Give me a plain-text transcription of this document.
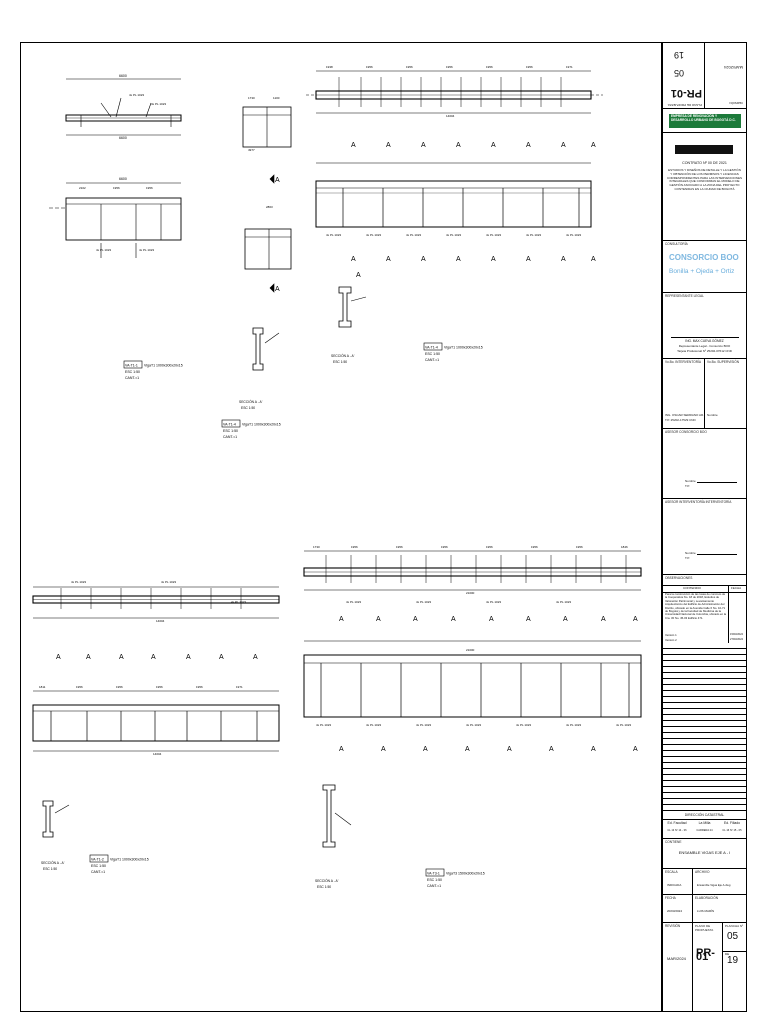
6600
4x PL 1023
4x PL 1023
6600
6600
2102	1956	1956
4x PL 1023	4x PL 1023
1730	1100
4977
A
2863
A
SECCIÓN A - A'
ESC 1:50
1938	1956	1956	1956	1956	1956	1971
14004
A	A	A	A	A	A	A	A
4x PL 1023	4x PL 1023	4x PL 1023	4x PL 1023	4x PL 1023	4x PL 1023	4x PL 1023
A	A	A	A	A	A	A	A
A
SECCIÓN A - A'
ESC 1:50
VA-T1-1 VigaT1 1000x300x20x15
ESC 1:50
CANT.=1
VA-T1-4 VigaT1 1000x300x20x15
ESC 1:50
CANT.=1
VA-T1-4 VigaT1 1000x300x20x15
ESC 1:50
CANT.=1
14004
4x PL 1023	4x PL 1023
4x PL 1023
A	A	A	A	A	A	A
1811	1956	1956	1956	1956	1971
14004
SECCIÓN A - A'
ESC 1:50
1730	1956	1956	1956	1956	1956	1956	1846
21000
4x PL 1023	4x PL 1023	4x PL 1023	4x PL 1023
A	A	A	A	A	A	A	A	A
21000
4x PL 1023	4x PL 1023	4x PL 1023	4x PL 1023	4x PL 1023	4x PL 1023	4x PL 1023
A	A	A	A	A	A	A	A
SECCIÓN A - A'
ESC 1:50
VA-T1-2 VigaT1 1000x300x20x15
ESC 1:50
CANT.=1	VA-T3-1 VigaT3 1500x300x20x15
ESC 1:50
CANT.=1
VERSIÓN
MAR/2024
PLANO DE PROPUESTA
PR-01
05
19
EMPRESA DE RENOVACIÓN Y DESARROLLO URBANO DE BOGOTÁ D.C.
CONTRATO Nº 00 DE 2021
ESTUDIOS Y DISEÑOS DE DETALLE Y LA GESTIÓN Y OBTENCIÓN DE LOS PERMISOS Y LICENCIAS CORRESPONDIENTES PARA LAS INTERVENCIONES INTEGRALES QUE CONFORMAN EL MODELO DE GESTIÓN ASOCIADO A LA ZONA DEL PROYECTO CONTENIDAS EN LA CIUDAD DE BOGOTÁ
CONSULTORÍA
CONSORCIO BOO
Bonilla + Ojeda + Ortiz
REPRESENTANTE LEGAL
ING. MAX CUEVA GÓMEZ
Representante Legal - Consorcio BOO
Tarjeta Profesional Nº 25202-07612 CND
Vo.Bo. INTERVENTORÍA
ING. OSCAR SERRANO AR.
T.P. 25202-17529 CND
Vo.Bo. SUPERVISIÓN
Nombre
ASESOR CONSORCIO BOO
Nombre
T.P.
ASESOR INTERVENTORÍA INTERVENTORÍA
Nombre
T.P.
OBSERVACIONES
CONTENIDO	FECHA
Para la construcción de las losas de concreto de la Cooperativa No. 18 de 2018, Estudios de Valoración Patrimonial y Levantamiento Arquitectónico del Edificio de Administración del Distrito, ubicado en la Avenida Calle 6 No. 10-71 de Bogotá y de la Facultad de Medicina de la Universidad Nacional de Colombia, ubicado en la Cra. 30 No. 45-03 Edificio 471.
Versión 1	15/03/2024
Versión 2	27/03/2024
DIRECCIÓN CATASTRAL
Ed. Facultad	La Milla	Ed. Filiado
CL 13 Nº 14 - 36	CARRERA 24	CL 16 Nº 15 - 05
CONTIENE
ENSAMBLE VIGAS EJE A - I
ESCALA
INDICADA
ARCHIVO
Ensamble Vigas Eje A.dwg
FECHA
20/03/2024
ELABORACIÓN
LUIS MARÍN
REVISIÓN
MAR/2024
PLANO DE PROPUESTA
PR-01
PLANCHA Nº
05
DE
19
